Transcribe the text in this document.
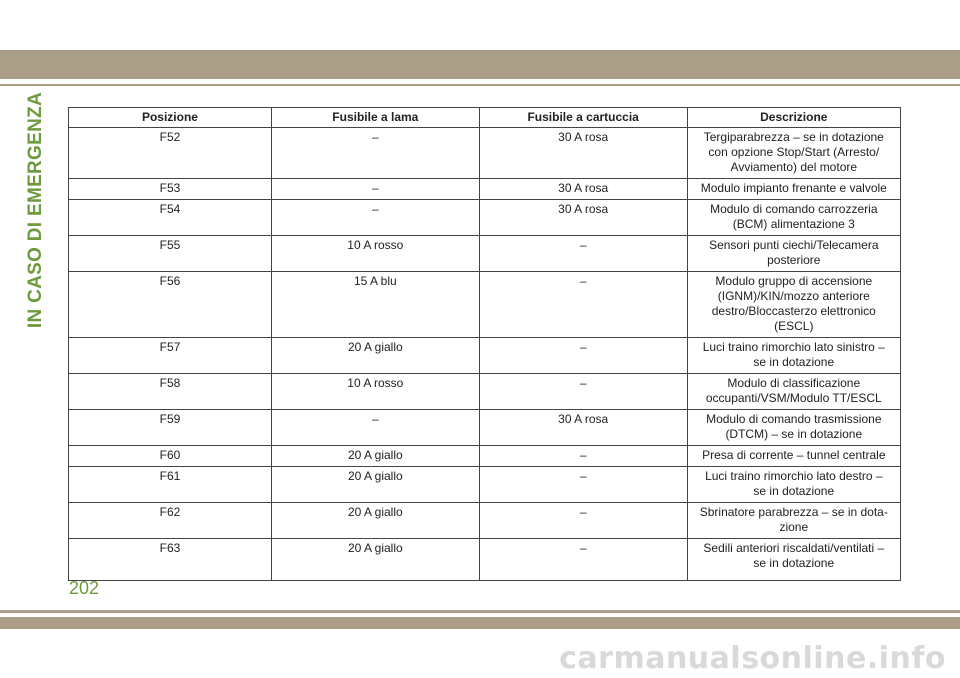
IN CASO DI EMERGENZA	Posizione	Fusibile a lama	Fusibile a cartuccia	Descrizione
F52	–	30 A rosa	Tergiparabrezza – se in dotazione
con opzione Stop/Start (Arresto/
Avviamento) del motore
F53	–	30 A rosa	Modulo impianto frenante e valvole
F54	–	30 A rosa	Modulo di comando carrozzeria
(BCM) alimentazione 3
F55	10 A rosso	–	Sensori punti ciechi/Telecamera
posteriore
F56	15 A blu	–	Modulo gruppo di accensione
(IGNM)/KIN/mozzo anteriore
destro/Bloccasterzo elettronico
(ESCL)
F57	20 A giallo	–	Luci traino rimorchio lato sinistro –
se in dotazione
F58	10 A rosso	–	Modulo di classificazione
occupanti/VSM/Modulo TT/ESCL
F59	–	30 A rosa	Modulo di comando trasmissione
(DTCM) – se in dotazione
F60	20 A giallo	–	Presa di corrente – tunnel centrale
F61	20 A giallo	–	Luci traino rimorchio lato destro –
se in dotazione
F62	20 A giallo	–	Sbrinatore parabrezza – se in dota-
zione
F63	20 A giallo	–	Sedili anteriori riscaldati/ventilati –
se in dotazione
202
carmanualsonline.info
